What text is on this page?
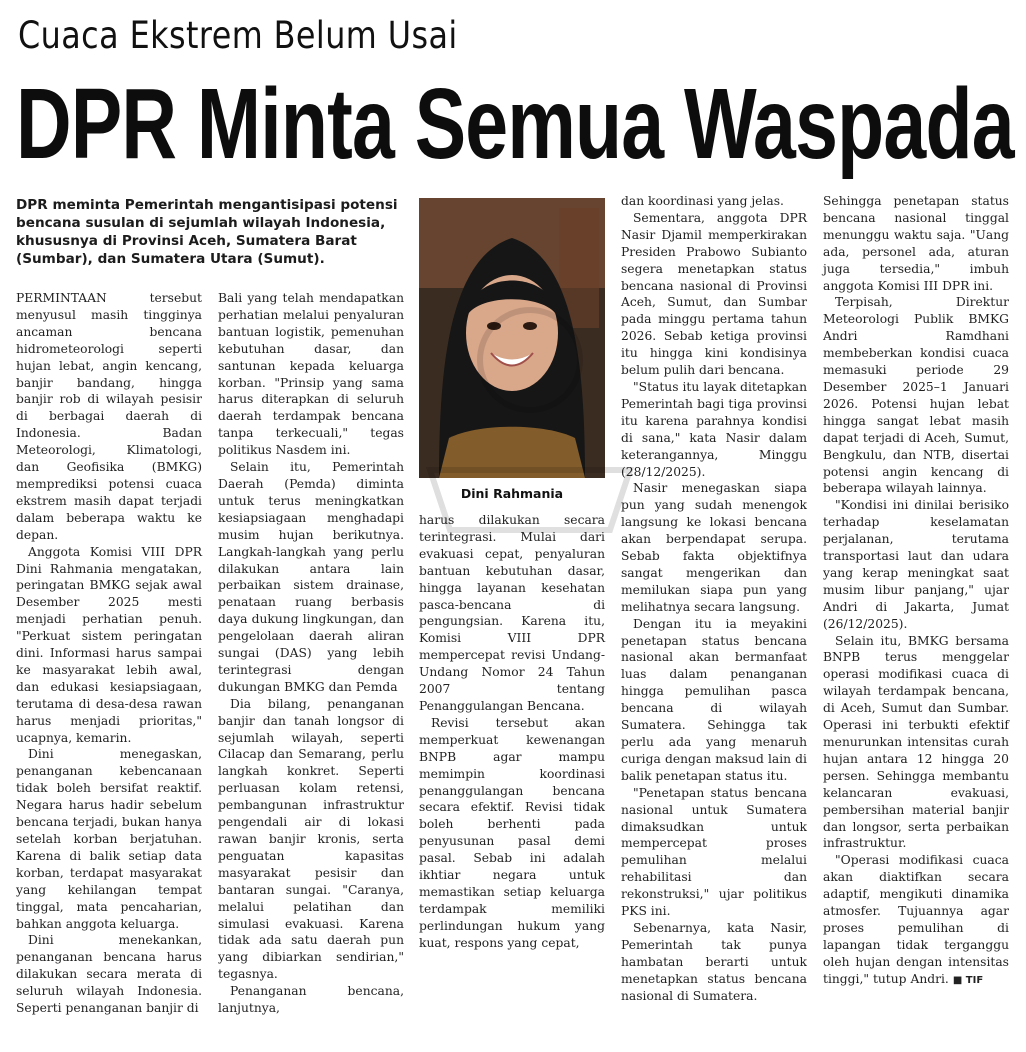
Cuaca Ekstrem Belum Usai
DPR Minta Semua Waspada

DPR meminta Pemerintah mengantisipasi potensi bencana susulan di sejumlah wilayah Indonesia, khususnya di Provinsi Aceh, Sumatera Barat (Sumbar), dan Sumatera Utara (Sumut).

PERMINTAAN tersebut menyusul masih tingginya ancaman bencana hidrometeorologi seperti hujan lebat, angin kencang, banjir bandang, hingga banjir rob di wilayah pesisir di berbagai daerah di Indonesia. Badan Meteorologi, Klimatologi, dan Geofisika (BMKG) memprediksi potensi cuaca ekstrem masih dapat terjadi dalam beberapa waktu ke depan.

Anggota Komisi VIII DPR Dini Rahmania mengatakan, peringatan BMKG sejak awal Desember 2025 mesti menjadi perhatian penuh. "Perkuat sistem peringatan dini. Informasi harus sampai ke masyarakat lebih awal, dan edukasi kesiapsiagaan, terutama di desa-desa rawan harus menjadi prioritas," ucapnya, kemarin.

Dini menegaskan, penanganan kebencanaan tidak boleh bersifat reaktif. Negara harus hadir sebelum bencana terjadi, bukan hanya setelah korban berjatuhan. Karena di balik setiap data korban, terdapat masyarakat yang kehilangan tempat tinggal, mata pencaharian, bahkan anggota keluarga.

Dini menekankan, penanganan bencana harus dilakukan secara merata di seluruh wilayah Indonesia. Seperti penanganan banjir di

Bali yang telah mendapatkan perhatian melalui penyaluran bantuan logistik, pemenuhan kebutuhan dasar, dan santunan kepada keluarga korban. "Prinsip yang sama harus diterapkan di seluruh daerah terdampak bencana tanpa terkecuali," tegas politikus Nasdem ini.

Selain itu, Pemerintah Daerah (Pemda) diminta untuk terus meningkatkan kesiapsiagaan menghadapi musim hujan berikutnya. Langkah-langkah yang perlu dilakukan antara lain perbaikan sistem drainase, penataan ruang berbasis daya dukung lingkungan, dan pengelolaan daerah aliran sungai (DAS) yang lebih terintegrasi dengan dukungan BMKG dan Pemda

Dia bilang, penanganan banjir dan tanah longsor di sejumlah wilayah, seperti Cilacap dan Semarang, perlu langkah konkret. Seperti perluasan kolam retensi, pembangunan infrastruktur pengendali air di lokasi rawan banjir kronis, serta penguatan kapasitas masyarakat pesisir dan bantaran sungai. "Caranya, melalui pelatihan dan simulasi evakuasi. Karena tidak ada satu daerah pun yang dibiarkan sendirian," tegasnya.

Penanganan bencana, lanjutnya,

Dini Rahmania

harus dilakukan secara terintegrasi. Mulai dari evakuasi cepat, penyaluran bantuan kebutuhan dasar, hingga layanan kesehatan pasca-bencana di pengungsian. Karena itu, Komisi VIII DPR mempercepat revisi Undang-Undang Nomor 24 Tahun 2007 tentang Penanggulangan Bencana.

Revisi tersebut akan memperkuat kewenangan BNPB agar mampu memimpin koordinasi penanggulangan bencana secara efektif. Revisi tidak boleh berhenti pada penyusunan pasal demi pasal. Sebab ini adalah ikhtiar negara untuk memastikan setiap keluarga terdampak memiliki perlindungan hukum yang kuat, respons yang cepat,

dan koordinasi yang jelas.

Sementara, anggota DPR Nasir Djamil memperkirakan Presiden Prabowo Subianto segera menetapkan status bencana nasional di Provinsi Aceh, Sumut, dan Sumbar pada minggu pertama tahun 2026. Sebab ketiga provinsi itu hingga kini kondisinya belum pulih dari bencana.

"Status itu layak ditetapkan Pemerintah bagi tiga provinsi itu karena parahnya kondisi di sana," kata Nasir dalam keterangannya, Minggu (28/12/2025).

Nasir menegaskan siapa pun yang sudah menengok langsung ke lokasi bencana akan berpendapat serupa. Sebab fakta objektifnya sangat mengerikan dan memilukan siapa pun yang melihatnya secara langsung.

Dengan itu ia meyakini penetapan status bencana nasional akan bermanfaat luas dalam penanganan hingga pemulihan pasca bencana di wilayah Sumatera. Sehingga tak perlu ada yang menaruh curiga dengan maksud lain di balik penetapan status itu.

"Penetapan status bencana nasional untuk Sumatera dimaksudkan untuk mempercepat proses pemulihan melalui rehabilitasi dan rekonstruksi," ujar politikus PKS ini.

Sebenarnya, kata Nasir, Pemerintah tak punya hambatan berarti untuk menetapkan status bencana nasional di Sumatera.

Sehingga penetapan status bencana nasional tinggal menunggu waktu saja. "Uang ada, personel ada, aturan juga tersedia," imbuh anggota Komisi III DPR ini.

Terpisah, Direktur Meteorologi Publik BMKG Andri Ramdhani membeberkan kondisi cuaca memasuki periode 29 Desember 2025–1 Januari 2026. Potensi hujan lebat hingga sangat lebat masih dapat terjadi di Aceh, Sumut, Bengkulu, dan NTB, disertai potensi angin kencang di beberapa wilayah lainnya.

"Kondisi ini dinilai berisiko terhadap keselamatan perjalanan, terutama transportasi laut dan udara yang kerap meningkat saat musim libur panjang," ujar Andri di Jakarta, Jumat (26/12/2025).

Selain itu, BMKG bersama BNPB terus menggelar operasi modifikasi cuaca di wilayah terdampak bencana, di Aceh, Sumut dan Sumbar. Operasi ini terbukti efektif menurunkan intensitas curah hujan antara 12 hingga 20 persen. Sehingga membantu kelancaran evakuasi, pembersihan material banjir dan longsor, serta perbaikan infrastruktur.

"Operasi modifikasi cuaca akan diaktifkan secara adaptif, mengikuti dinamika atmosfer. Tujuannya agar proses pemulihan di lapangan tidak terganggu oleh hujan dengan intensitas tinggi," tutup Andri. ■ TIF
